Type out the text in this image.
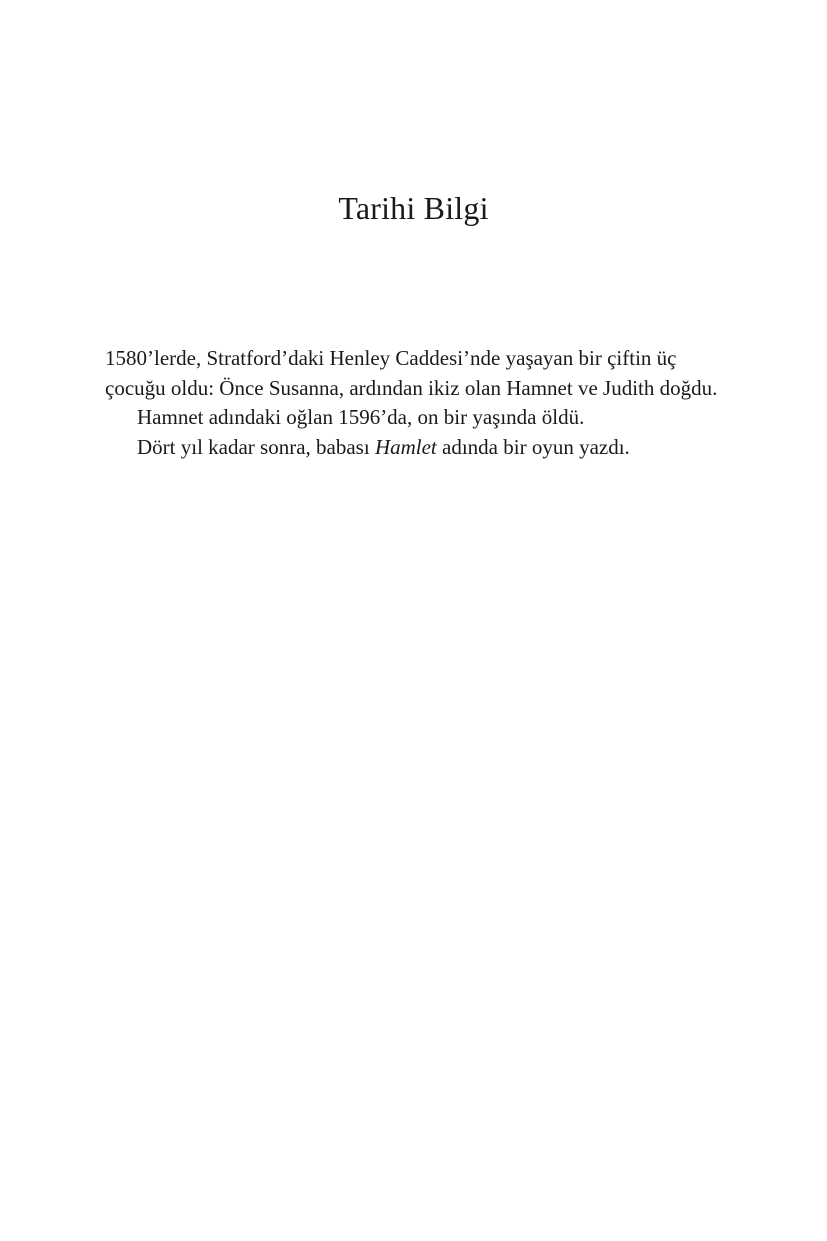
Tarihi Bilgi

1580’lerde, Stratford’daki Henley Caddesi’nde yaşayan bir çiftin üç çocuğu oldu: Önce Susanna, ardından ikiz olan Hamnet ve Judith doğdu.

Hamnet adındaki oğlan 1596’da, on bir yaşında öldü.

Dört yıl kadar sonra, babası Hamlet adında bir oyun yazdı.
